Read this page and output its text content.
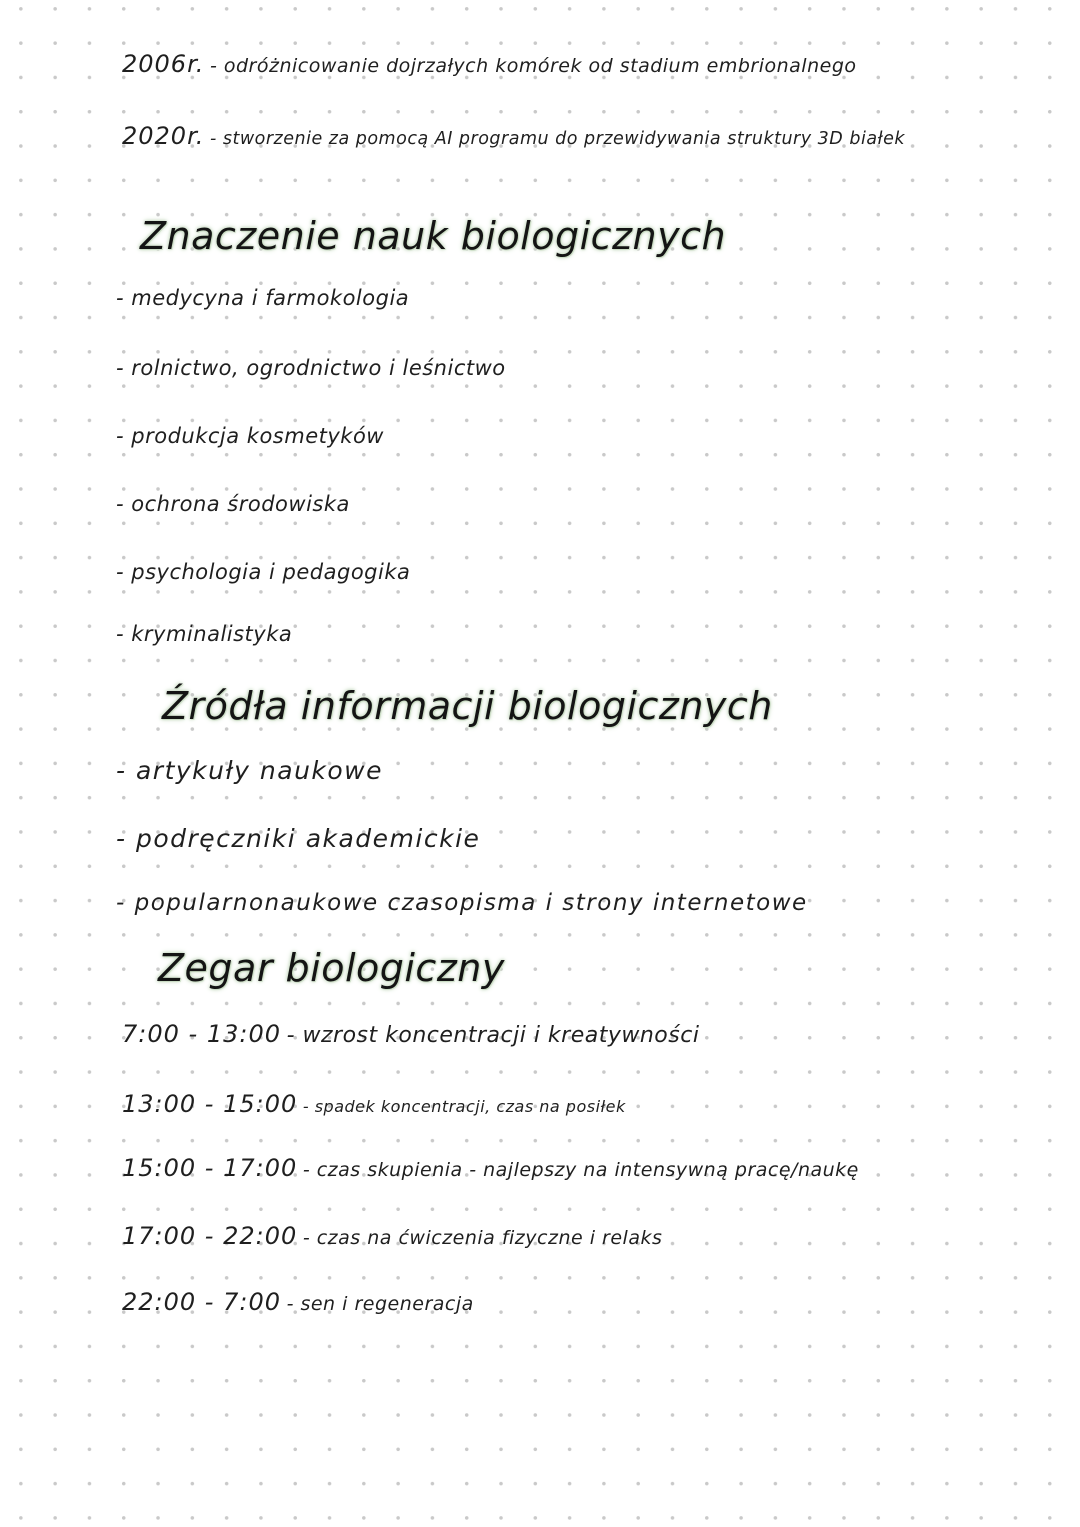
2006r. - odróżnicowanie dojrzałych komórek od stadium embrionalnego
2020r. - stworzenie za pomocą AI programu do przewidywania struktury 3D białek
Znaczenie nauk biologicznych
- medycyna i farmokologia
- rolnictwo, ogrodnictwo i leśnictwo
- produkcja kosmetyków
- ochrona środowiska
- psychologia i pedagogika
- kryminalistyka
Źródła informacji biologicznych
- artykuły naukowe
- podręczniki akademickie
- popularnonaukowe czasopisma i strony internetowe
Zegar biologiczny
7:00 - 13:00 - wzrost koncentracji i kreatywności
13:00 - 15:00 - spadek koncentracji, czas na posiłek
15:00 - 17:00 - czas skupienia - najlepszy na intensywną pracę/naukę
17:00 - 22:00 - czas na ćwiczenia fizyczne i relaks
22:00 - 7:00 - sen i regeneracja
